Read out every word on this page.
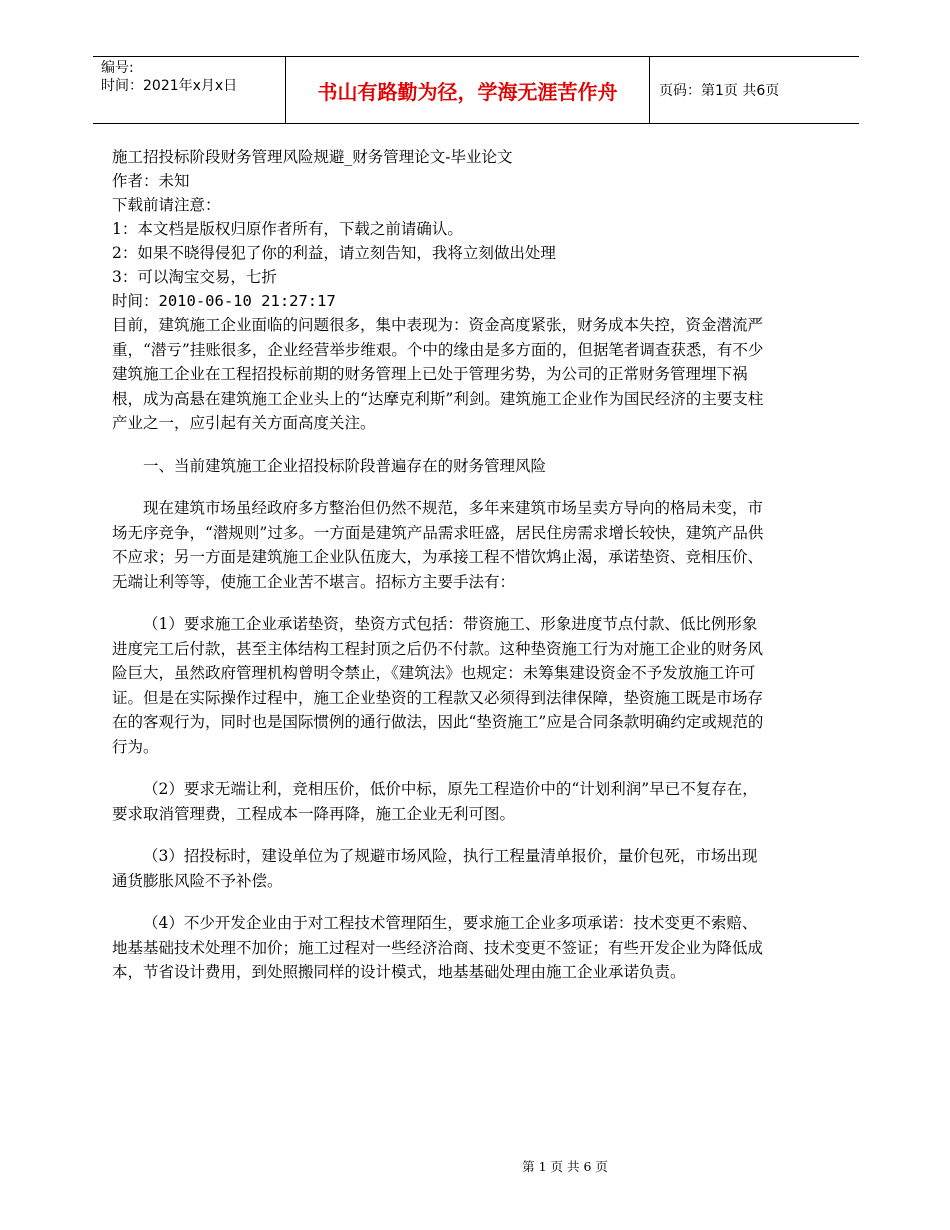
编号:
时间：2021年x月x日	书山有路勤为径，学海无涯苦作舟	页码：第1页 共6页
施工招投标阶段财务管理风险规避_财务管理论文-毕业论文
作者：未知
下载前请注意：
1：本文档是版权归原作者所有，下载之前请确认。
2：如果不晓得侵犯了你的利益，请立刻告知，我将立刻做出处理
3：可以淘宝交易，七折
时间：2010-06-10 21:27:17

目前，建筑施工企业面临的问题很多，集中表现为：资金高度紧张，财务成本失控，资金潜流严重，“潜亏”挂账很多，企业经营举步维艰。个中的缘由是多方面的，但据笔者调查获悉，有不少建筑施工企业在工程招投标前期的财务管理上已处于管理劣势，为公司的正常财务管理埋下祸根，成为高悬在建筑施工企业头上的“达摩克利斯”利剑。建筑施工企业作为国民经济的主要支柱产业之一，应引起有关方面高度关注。

一、当前建筑施工企业招投标阶段普遍存在的财务管理风险

现在建筑市场虽经政府多方整治但仍然不规范，多年来建筑市场呈卖方导向的格局未变，市场无序竞争，“潜规则”过多。一方面是建筑产品需求旺盛，居民住房需求增长较快，建筑产品供不应求；另一方面是建筑施工企业队伍庞大，为承接工程不惜饮鸩止渴，承诺垫资、竞相压价、无端让利等等，使施工企业苦不堪言。招标方主要手法有：

（1）要求施工企业承诺垫资，垫资方式包括：带资施工、形象进度节点付款、低比例形象进度完工后付款，甚至主体结构工程封顶之后仍不付款。这种垫资施工行为对施工企业的财务风险巨大，虽然政府管理机构曾明令禁止，《建筑法》也规定：未筹集建设资金不予发放施工许可证。但是在实际操作过程中，施工企业垫资的工程款又必须得到法律保障，垫资施工既是市场存在的客观行为，同时也是国际惯例的通行做法，因此“垫资施工”应是合同条款明确约定或规范的行为。

（2）要求无端让利，竞相压价，低价中标，原先工程造价中的“计划利润”早已不复存在，要求取消管理费，工程成本一降再降，施工企业无利可图。

（3）招投标时，建设单位为了规避市场风险，执行工程量清单报价，量价包死，市场出现通货膨胀风险不予补偿。

（4）不少开发企业由于对工程技术管理陌生，要求施工企业多项承诺：技术变更不索赔、地基基础技术处理不加价；施工过程对一些经济洽商、技术变更不签证；有些开发企业为降低成本，节省设计费用，到处照搬同样的设计模式，地基基础处理由施工企业承诺负责。

第 1 页 共 6 页
